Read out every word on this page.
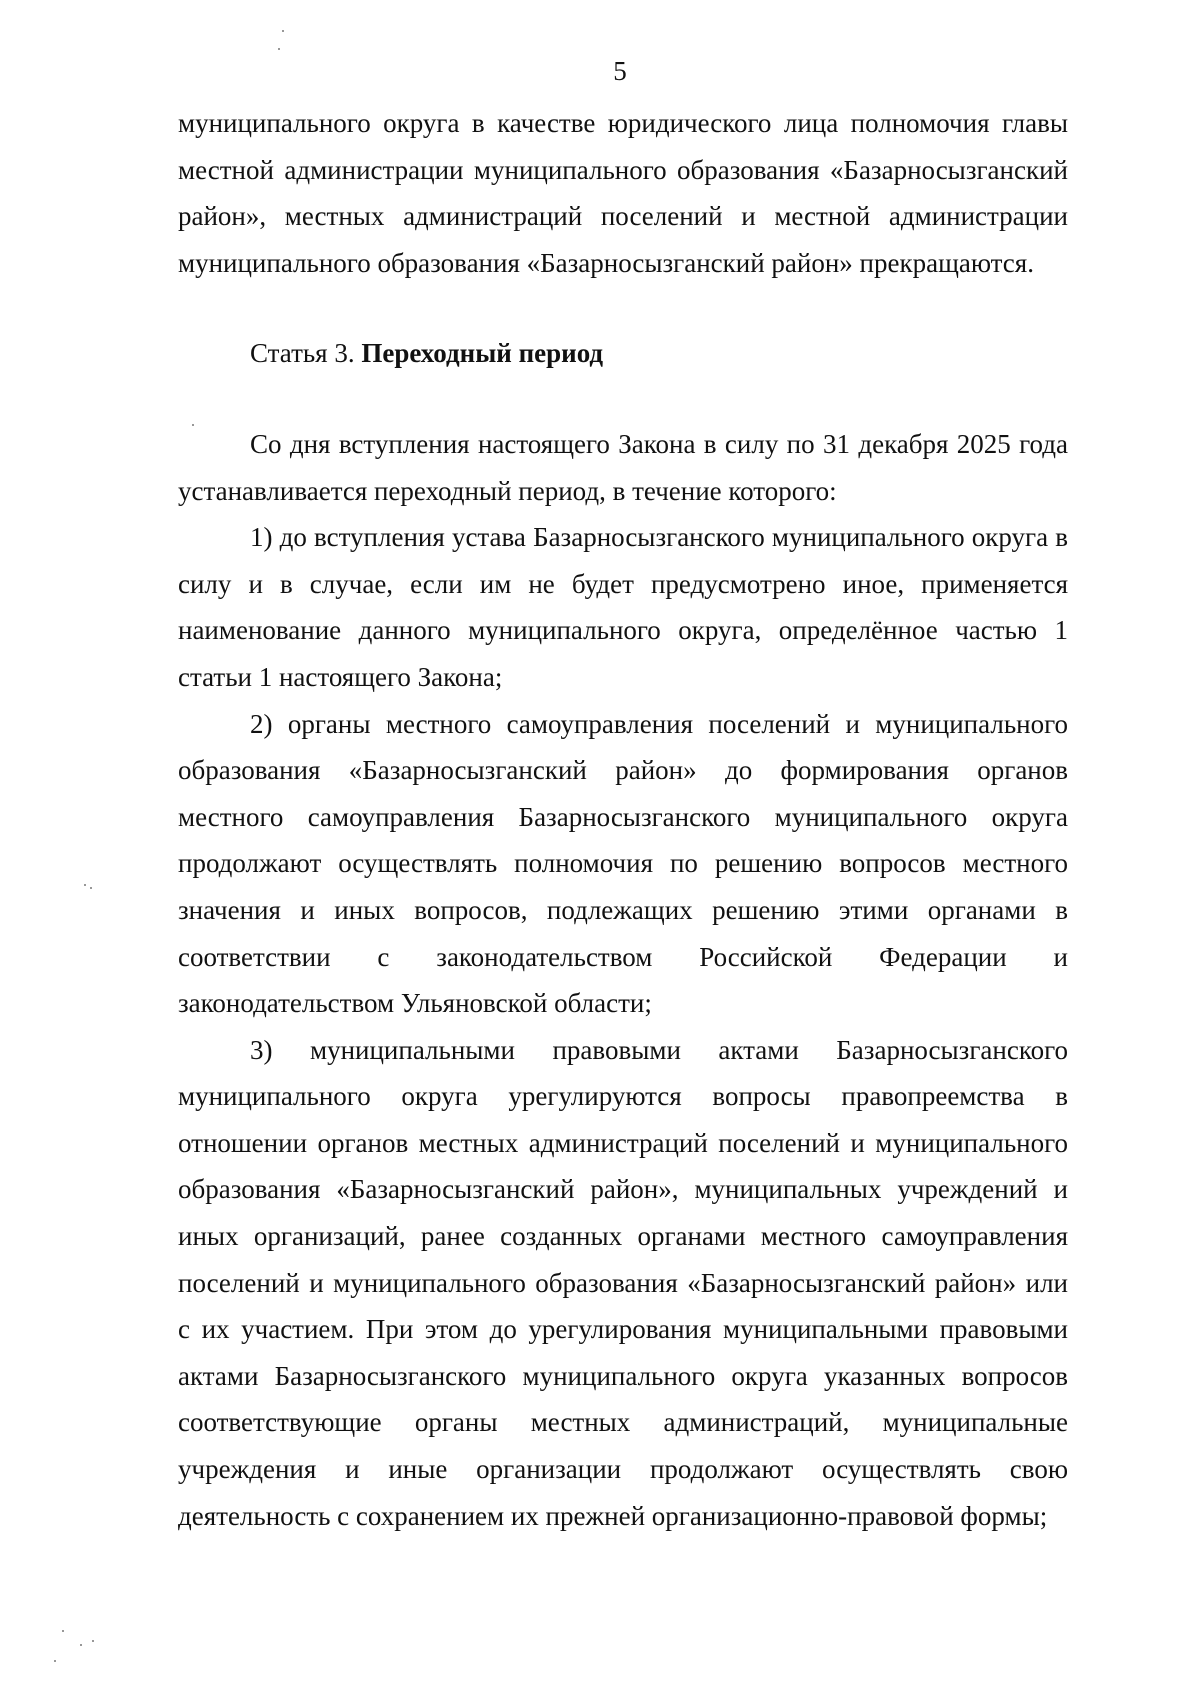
5

муниципального округа в качестве юридического лица полномочия главы местной администрации муниципального образования «Базарносызганский район», местных администраций поселений и местной администрации муниципального образования «Базарносызганский район» прекращаются.

Статья 3. Переходный период

Со дня вступления настоящего Закона в силу по 31 декабря 2025 года устанавливается переходный период, в течение которого:

1) до вступления устава Базарносызганского муниципального округа в силу и в случае, если им не будет предусмотрено иное, применяется наименование данного муниципального округа, определённое частью 1 статьи 1 настоящего Закона;

2) органы местного самоуправления поселений и муниципального образования «Базарносызганский район» до формирования органов местного самоуправления Базарносызганского муниципального округа продолжают осуществлять полномочия по решению вопросов местного значения и иных вопросов, подлежащих решению этими органами в соответствии с законодательством Российской Федерации и законодательством Ульяновской области;

3) муниципальными правовыми актами Базарносызганского муниципального округа урегулируются вопросы правопреемства в отношении органов местных администраций поселений и муниципального образования «Базарносызганский район», муниципальных учреждений и иных организаций, ранее созданных органами местного самоуправления поселений и муниципального образования «Базарносызганский район» или с их участием. При этом до урегулирования муниципальными правовыми актами Базарносызганского муниципального округа указанных вопросов соответствующие органы местных администраций, муниципальные учреждения и иные организации продолжают осуществлять свою деятельность с сохранением их прежней организационно-правовой формы;
